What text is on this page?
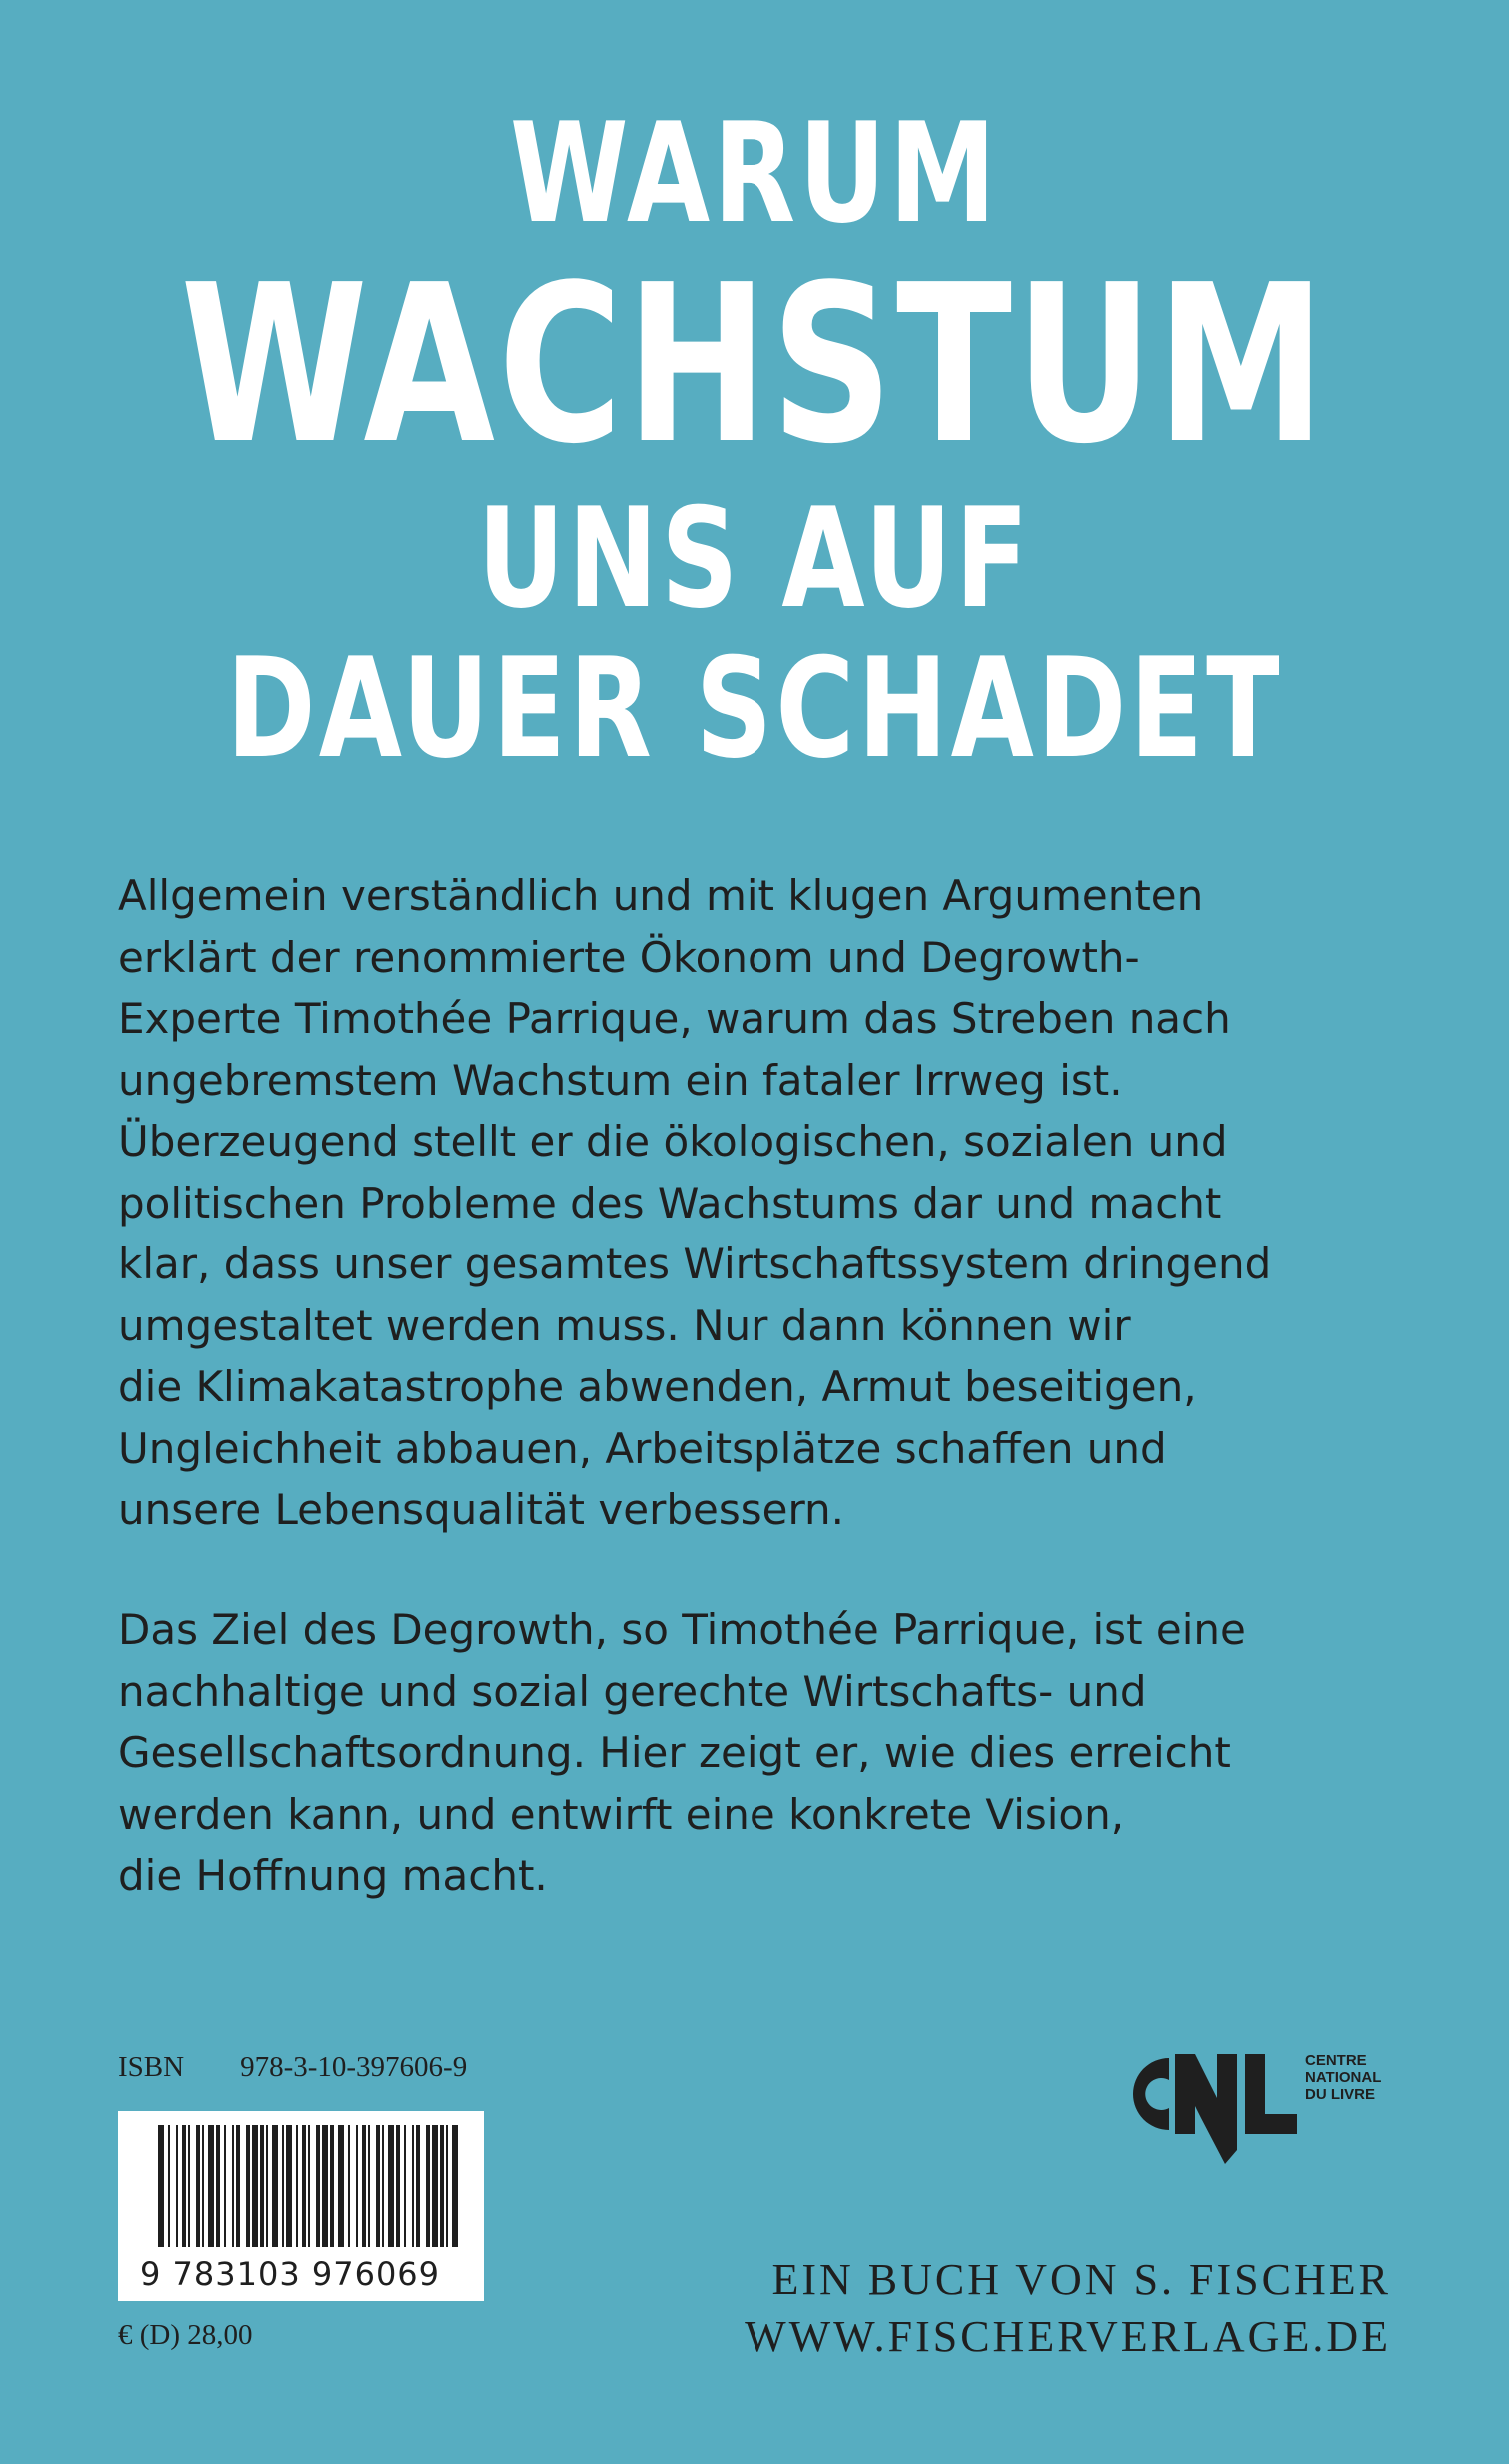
WARUM
WACHSTUM
UNS AUF
DAUER SCHADET
Allgemein verständlich und mit klugen Argumenten
erklärt der renommierte Ökonom und Degrowth-
Experte Timothée Parrique, warum das Streben nach
ungebremstem Wachstum ein fataler Irrweg ist.
Überzeugend stellt er die ökologischen, sozialen und
politischen Probleme des Wachstums dar und macht
klar, dass unser gesamtes Wirtschaftssystem dringend
umgestaltet werden muss. Nur dann können wir
die Klimakatastrophe abwenden, Armut beseitigen,
Ungleichheit abbauen, Arbeitsplätze schaffen und
unsere Lebensqualität verbessern.
Das Ziel des Degrowth, so Timothée Parrique, ist eine
nachhaltige und sozial gerechte Wirtschafts- und
Gesellschaftsordnung. Hier zeigt er, wie dies erreicht
werden kann, und entwirft eine konkrete Vision,
die Hoffnung macht.
ISBN 978-3-10-397606-9
9 783103 976069
€ (D) 28,00
CENTRE
NATIONAL
DU LIVRE
EIN BUCH VON S. FISCHER
WWW.FISCHERVERLAGE.DE
